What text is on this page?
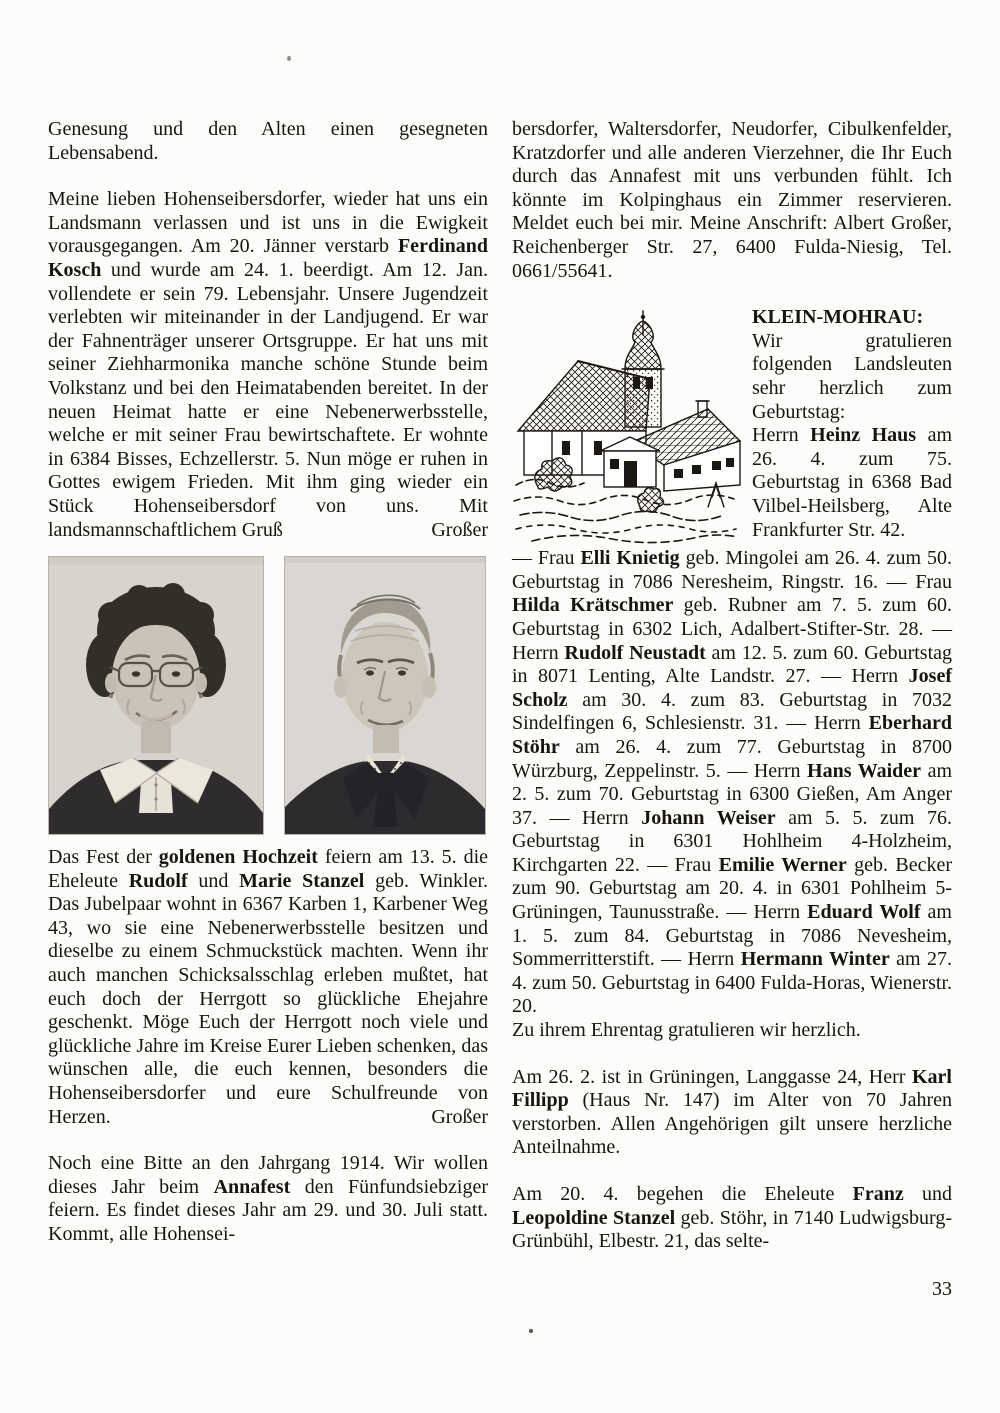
Genesung und den Alten einen gesegneten Lebensabend.

Meine lieben Hohenseibersdorfer, wieder hat uns ein Landsmann verlassen und ist uns in die Ewigkeit vorausgegangen. Am 20. Jänner verstarb Ferdinand Kosch und wurde am 24. 1. beerdigt. Am 12. Jan. vollendete er sein 79. Lebensjahr. Unsere Jugendzeit verlebten wir miteinander in der Landjugend. Er war der Fahnenträger unserer Ortsgruppe. Er hat uns mit seiner Ziehharmonika manche schöne Stunde beim Volkstanz und bei den Heimatabenden bereitet. In der neuen Heimat hatte er eine Nebenerwerbsstelle, welche er mit seiner Frau bewirtschaftete. Er wohnte in 6384 Bisses, Echzellerstr. 5. Nun möge er ruhen in Gottes ewigem Frieden. Mit ihm ging wieder ein Stück Hohenseibersdorf von uns. Mit landsmannschaftlichem Gruß	Großer

Das Fest der goldenen Hochzeit feiern am 13. 5. die Eheleute Rudolf und Marie Stanzel geb. Winkler. Das Jubelpaar wohnt in 6367 Karben 1, Karbener Weg 43, wo sie eine Nebenerwerbsstelle besitzen und dieselbe zu einem Schmuckstück machten. Wenn ihr auch manchen Schicksalsschlag erleben mußtet, hat euch doch der Herrgott so glückliche Ehejahre geschenkt. Möge Euch der Herrgott noch viele und glückliche Jahre im Kreise Eurer Lieben schenken, das wünschen alle, die euch kennen, besonders die Hohenseibersdorfer und eure Schulfreunde von Herzen.	Großer

Noch eine Bitte an den Jahrgang 1914. Wir wollen dieses Jahr beim Annafest den Fünfundsiebziger feiern. Es findet dieses Jahr am 29. und 30. Juli statt. Kommt, alle Hohensei-

bersdorfer, Waltersdorfer, Neudorfer, Cibulkenfelder, Kratzdorfer und alle anderen Vierzehner, die Ihr Euch durch das Annafest mit uns verbunden fühlt. Ich könnte im Kolpinghaus ein Zimmer reservieren. Meldet euch bei mir. Meine Anschrift: Albert Großer, Reichenberger Str. 27, 6400 Fulda-Niesig, Tel. 0661/55641.

KLEIN-MOHRAU:
Wir gratulieren folgenden Landsleuten sehr herzlich zum Geburtstag:
Herrn Heinz Haus am 26. 4. zum 75. Geburtstag in 6368 Bad Vilbel-Heilsberg, Alte Frankfurter Str. 42.
— Frau Elli Knietig geb. Mingolei am 26. 4. zum 50. Geburtstag in 7086 Neresheim, Ringstr. 16. — Frau Hilda Krätschmer geb. Rubner am 7. 5. zum 60. Geburtstag in 6302 Lich, Adalbert-Stifter-Str. 28. — Herrn Rudolf Neustadt am 12. 5. zum 60. Geburtstag in 8071 Lenting, Alte Landstr. 27. — Herrn Josef Scholz am 30. 4. zum 83. Geburtstag in 7032 Sindelfingen 6, Schlesienstr. 31. — Herrn Eberhard Stöhr am 26. 4. zum 77. Geburtstag in 8700 Würzburg, Zeppelinstr. 5. — Herrn Hans Waider am 2. 5. zum 70. Geburtstag in 6300 Gießen, Am Anger 37. — Herrn Johann Weiser am 5. 5. zum 76. Geburtstag in 6301 Hohlheim 4-Holzheim, Kirchgarten 22. — Frau Emilie Werner geb. Becker zum 90. Geburtstag am 20. 4. in 6301 Pohlheim 5-Grüningen, Taunusstraße. — Herrn Eduard Wolf am 1. 5. zum 84. Geburtstag in 7086 Nevesheim, Sommerritterstift. — Herrn Hermann Winter am 27. 4. zum 50. Geburtstag in 6400 Fulda-Horas, Wienerstr. 20.
Zu ihrem Ehrentag gratulieren wir herzlich.

Am 26. 2. ist in Grüningen, Langgasse 24, Herr Karl Fillipp (Haus Nr. 147) im Alter von 70 Jahren verstorben. Allen Angehörigen gilt unsere herzliche Anteilnahme.

Am 20. 4. begehen die Eheleute Franz und Leopoldine Stanzel geb. Stöhr, in 7140 Ludwigsburg-Grünbühl, Elbestr. 21, das selte-

33
